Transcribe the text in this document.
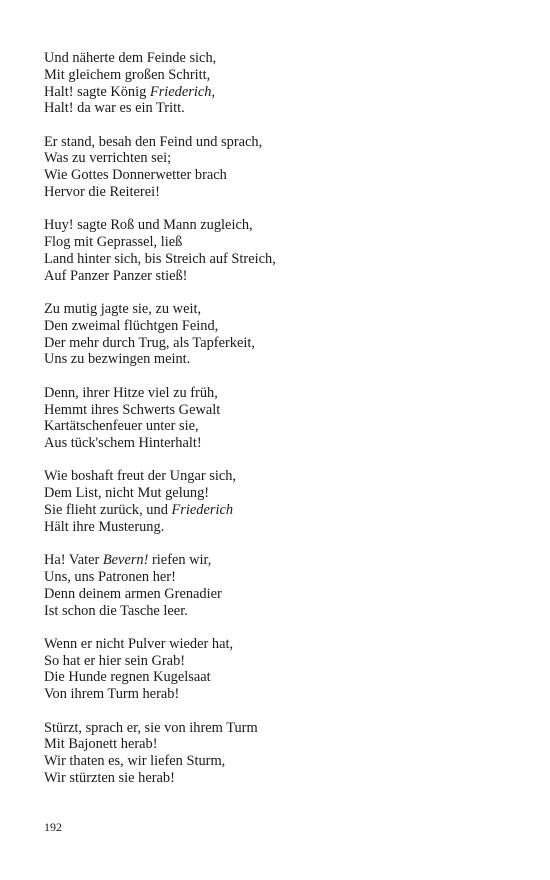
Und näherte dem Feinde sich,
Mit gleichem großen Schritt,
Halt! sagte König Friederich,
Halt! da war es ein Tritt.
Er stand, besah den Feind und sprach,
Was zu verrichten sei;
Wie Gottes Donnerwetter brach
Hervor die Reiterei!
Huy! sagte Roß und Mann zugleich,
Flog mit Geprassel, ließ
Land hinter sich, bis Streich auf Streich,
Auf Panzer Panzer stieß!
Zu mutig jagte sie, zu weit,
Den zweimal flüchtgen Feind,
Der mehr durch Trug, als Tapferkeit,
Uns zu bezwingen meint.
Denn, ihrer Hitze viel zu früh,
Hemmt ihres Schwerts Gewalt
Kartätschenfeuer unter sie,
Aus tück'schem Hinterhalt!
Wie boshaft freut der Ungar sich,
Dem List, nicht Mut gelung!
Sie flieht zurück, und Friederich
Hält ihre Musterung.
Ha! Vater Bevern! riefen wir,
Uns, uns Patronen her!
Denn deinem armen Grenadier
Ist schon die Tasche leer.
Wenn er nicht Pulver wieder hat,
So hat er hier sein Grab!
Die Hunde regnen Kugelsaat
Von ihrem Turm herab!
Stürzt, sprach er, sie von ihrem Turm
Mit Bajonett herab!
Wir thaten es, wir liefen Sturm,
Wir stürzten sie herab!
192
